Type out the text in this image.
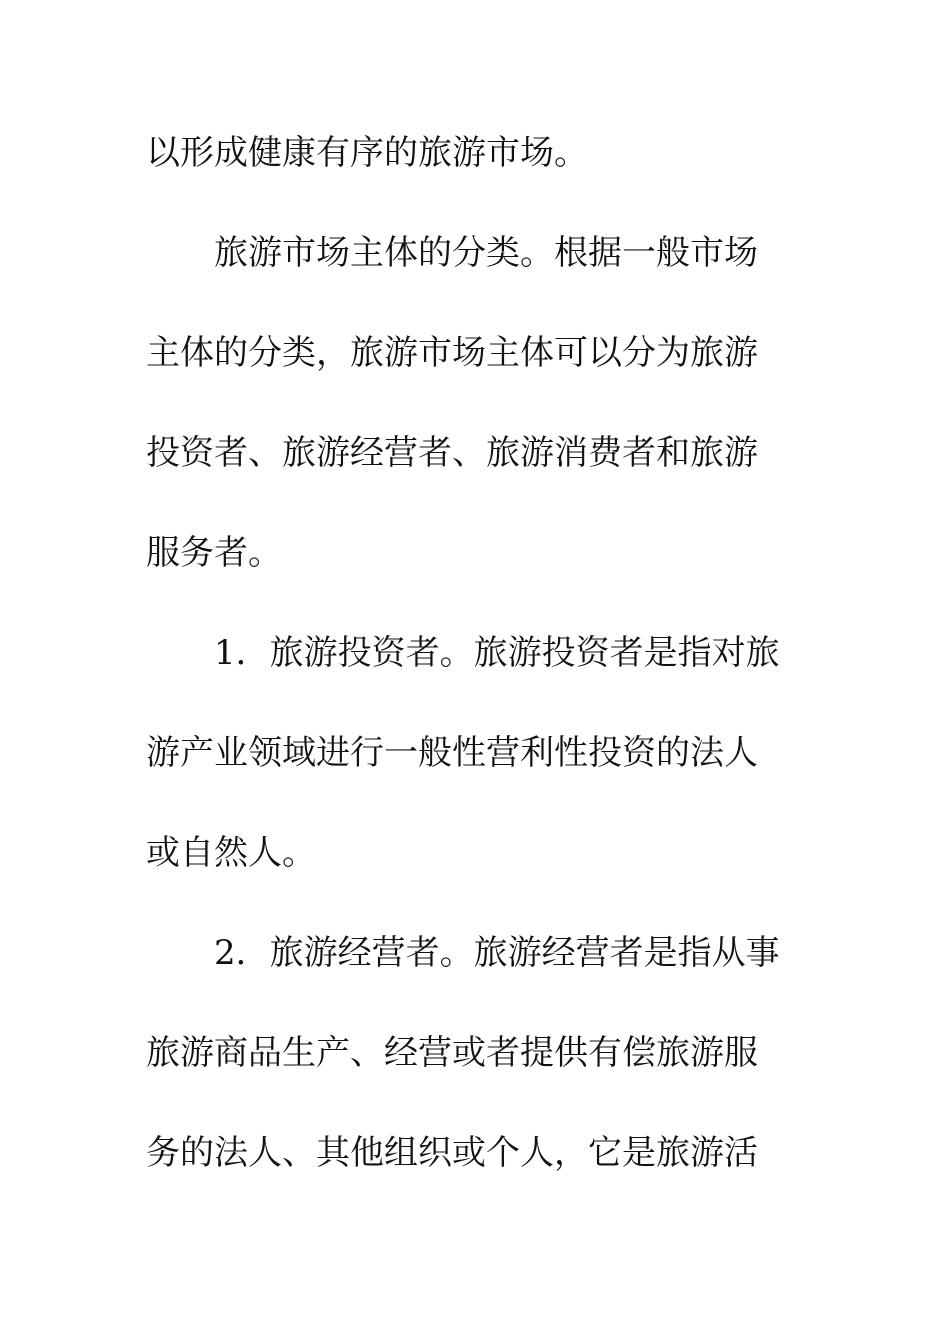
以形成健康有序的旅游市场。
旅游市场主体的分类。根据一般市场
主体的分类，旅游市场主体可以分为旅游
投资者、旅游经营者、旅游消费者和旅游
服务者。
1．旅游投资者。旅游投资者是指对旅
游产业领域进行一般性营利性投资的法人
或自然人。
2．旅游经营者。旅游经营者是指从事
旅游商品生产、经营或者提供有偿旅游服
务的法人、其他组织或个人，它是旅游活
